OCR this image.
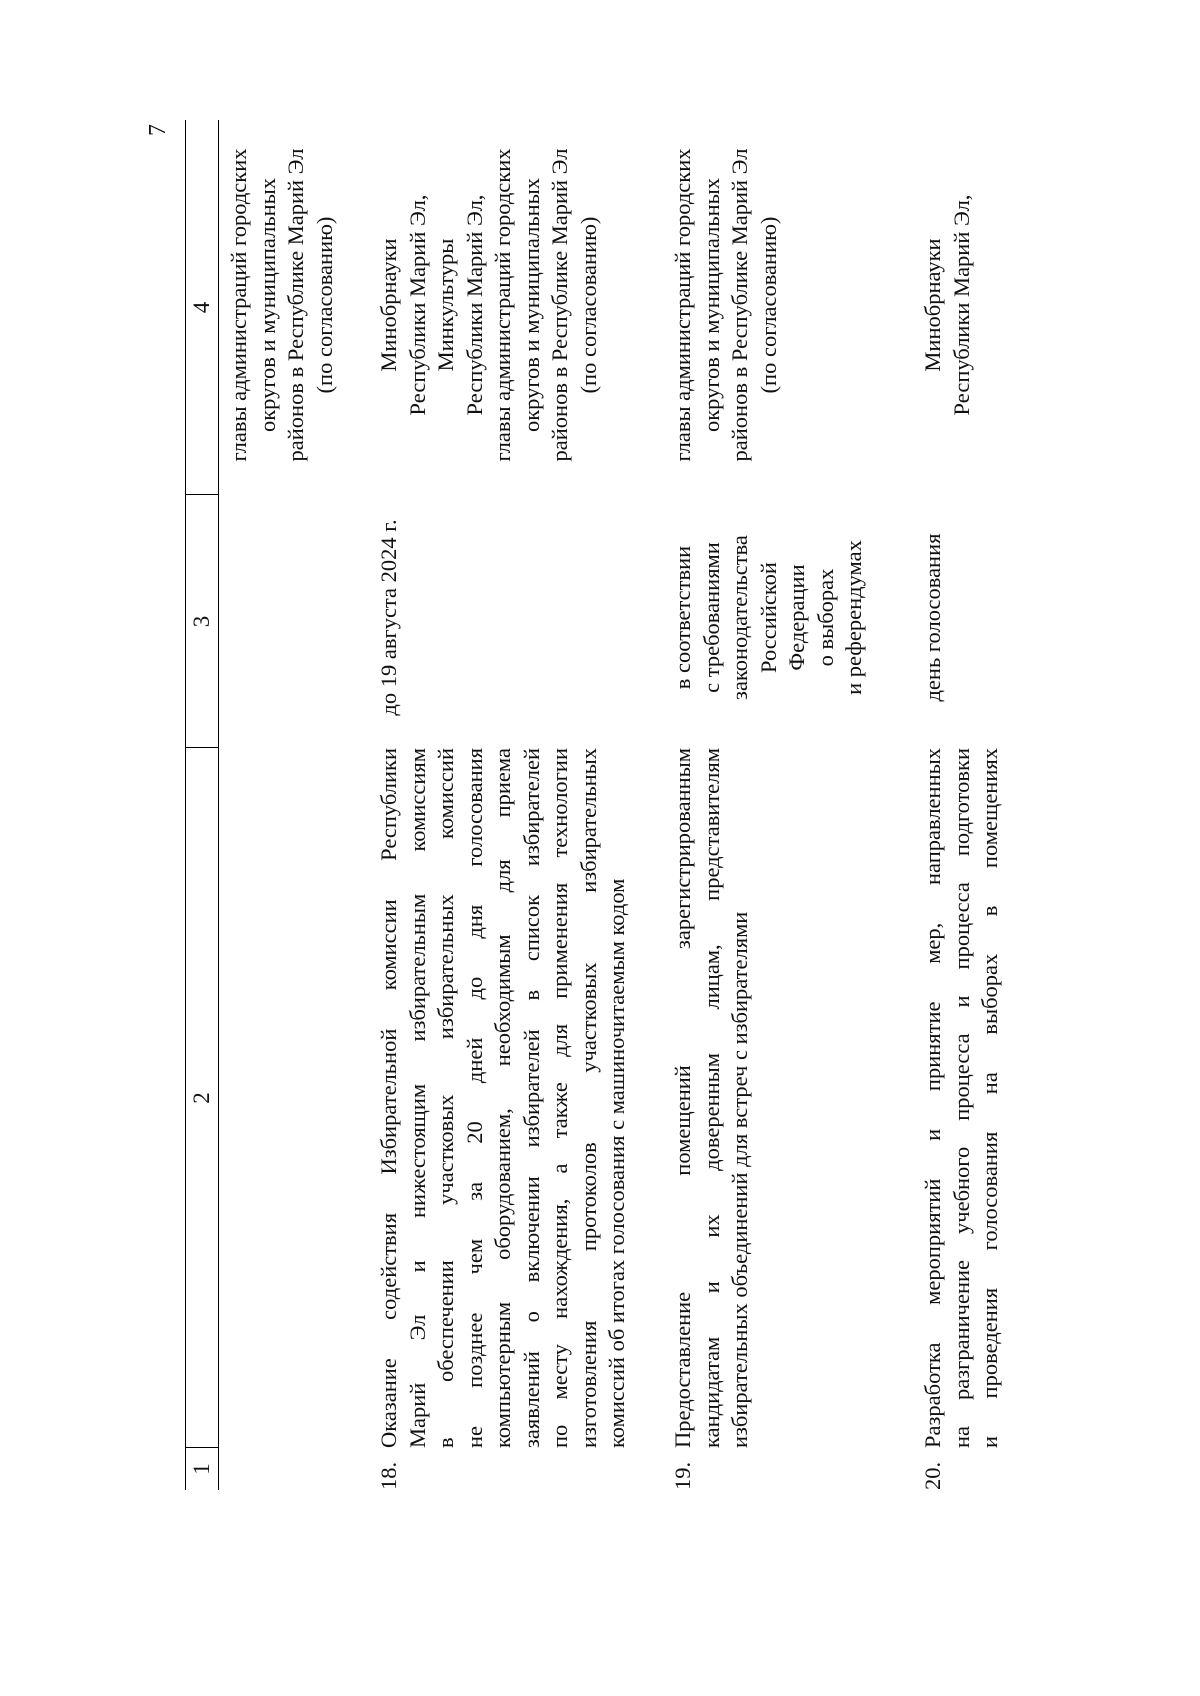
7
1
2
3
4 главы администраций городских округов и муниципальных районов в Республике Марий Эл (по согласованию)
18.
Оказание содействия Избирательной комиссии Республики Марий Эл и нижестоящим избирательным комиссиям в обеспечении участковых избирательных комиссий не позднее чем за 20 дней до дня голосования компьютерным оборудованием, необходимым для приема заявлений о включении избирателей в список избирателей по месту нахождения, а также для применения технологии изготовления протоколов участковых избирательных комиссий об итогах голосования с машиночитаемым кодом
до 19 августа 2024 г.
Минобрнауки Республики Марий Эл, Минкультуры Республики Марий Эл, главы администраций городских округов и муниципальных районов в Республике Марий Эл (по согласованию)
19.
Предоставление помещений зарегистрированным кандидатам и их доверенным лицам, представителям избирательных объединений для встреч с избирателями
в соответствии с требованиями законодательства Российской Федерации о выборах и референдумах
главы администраций городских округов и муниципальных районов в Республике Марий Эл (по согласованию)
20.
Разработка мероприятий и принятие мер, направленных на разграничение учебного процесса и процесса подготовки и проведения голосования на выборах в помещениях
день голосования
Минобрнауки Республики Марий Эл,
